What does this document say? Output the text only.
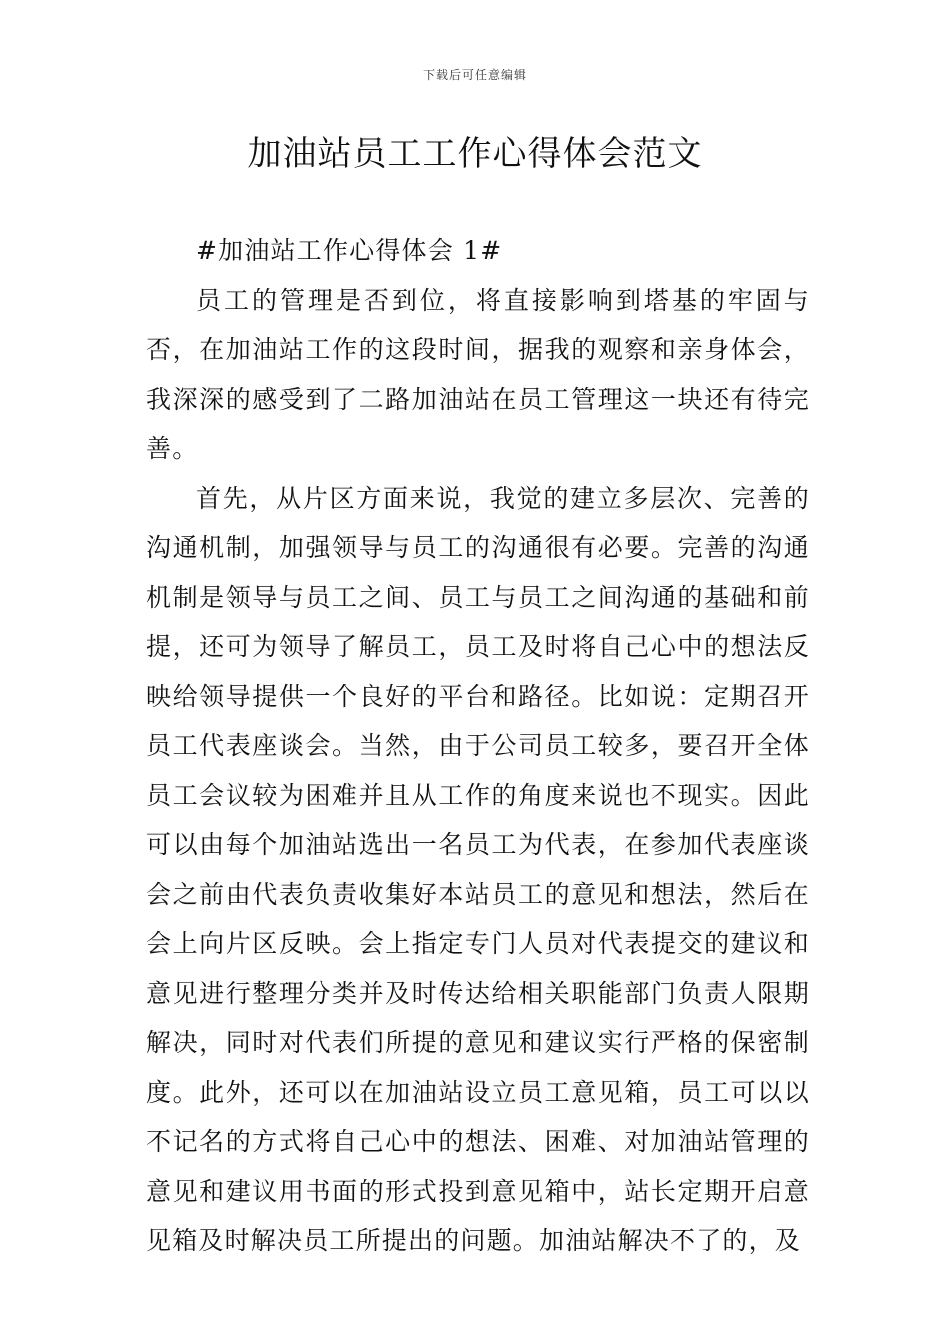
下载后可任意编辑
加油站员工工作心得体会范文

#加油站工作心得体会 1#

员工的管理是否到位，将直接影响到塔基的牢固与否，在加油站工作的这段时间，据我的观察和亲身体会，我深深的感受到了二路加油站在员工管理这一块还有待完善。

首先，从片区方面来说，我觉的建立多层次、完善的沟通机制，加强领导与员工的沟通很有必要。完善的沟通机制是领导与员工之间、员工与员工之间沟通的基础和前提，还可为领导了解员工，员工及时将自己心中的想法反映给领导提供一个良好的平台和路径。比如说：定期召开员工代表座谈会。当然，由于公司员工较多，要召开全体员工会议较为困难并且从工作的角度来说也不现实。因此可以由每个加油站选出一名员工为代表，在参加代表座谈会之前由代表负责收集好本站员工的意见和想法，然后在会上向片区反映。会上指定专门人员对代表提交的建议和意见进行整理分类并及时传达给相关职能部门负责人限期解决，同时对代表们所提的意见和建议实行严格的保密制度。此外，还可以在加油站设立员工意见箱，员工可以以不记名的方式将自己心中的想法、困难、对加油站管理的意见和建议用书面的形式投到意见箱中，站长定期开启意见箱及时解决员工所提出的问题。加油站解决不了的，及
